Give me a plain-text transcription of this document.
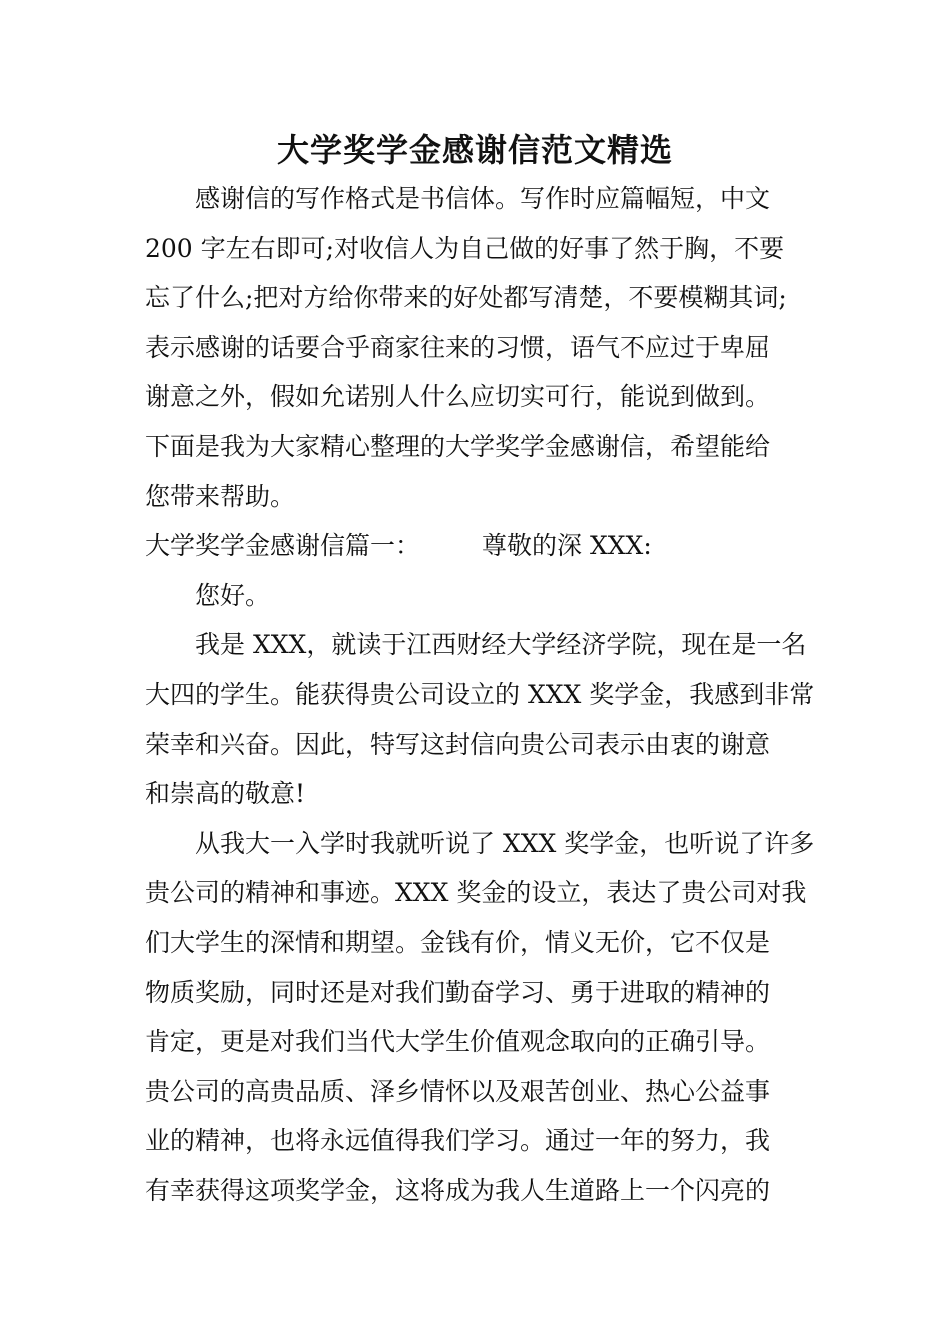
大学奖学金感谢信范文精选
感谢信的写作格式是书信体。写作时应篇幅短，中文
200 字左右即可;对收信人为自己做的好事了然于胸，不要
忘了什么;把对方给你带来的好处都写清楚，不要模糊其词;
表示感谢的话要合乎商家往来的习惯，语气不应过于卑屈
谢意之外，假如允诺别人什么应切实可行，能说到做到。
下面是我为大家精心整理的大学奖学金感谢信，希望能给
您带来帮助。
大学奖学金感谢信篇一： 尊敬的深 XXX:
您好。
我是 XXX，就读于江西财经大学经济学院，现在是一名
大四的学生。能获得贵公司设立的 XXX 奖学金，我感到非常
荣幸和兴奋。因此，特写这封信向贵公司表示由衷的谢意
和崇高的敬意!
从我大一入学时我就听说了 XXX 奖学金，也听说了许多
贵公司的精神和事迹。XXX 奖金的设立，表达了贵公司对我
们大学生的深情和期望。金钱有价，情义无价，它不仅是
物质奖励，同时还是对我们勤奋学习、勇于进取的精神的
肯定，更是对我们当代大学生价值观念取向的正确引导。
贵公司的高贵品质、泽乡情怀以及艰苦创业、热心公益事
业的精神，也将永远值得我们学习。通过一年的努力，我
有幸获得这项奖学金，这将成为我人生道路上一个闪亮的
